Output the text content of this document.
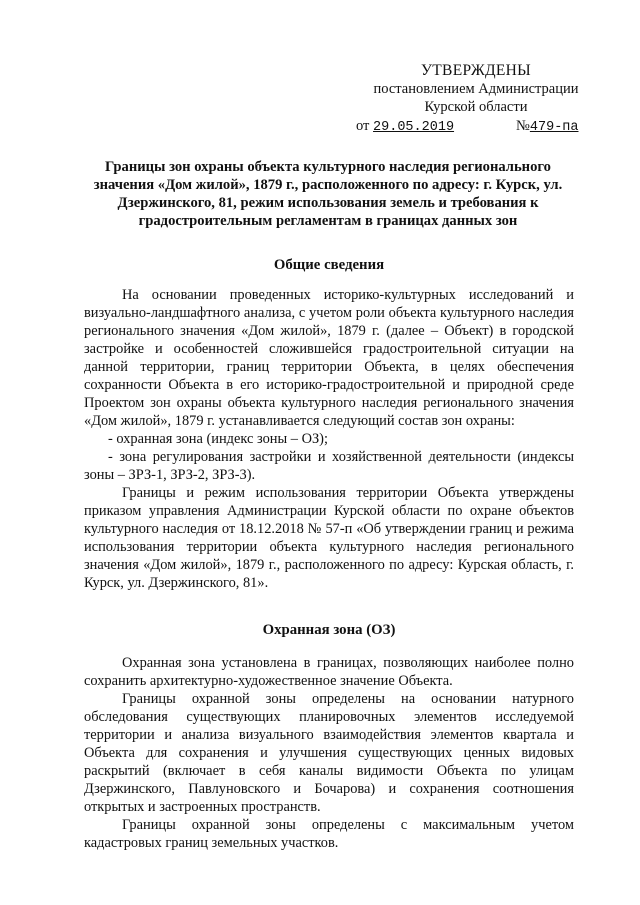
УТВЕРЖДЕНЫ
постановлением Администрации
Курской области
от 29.05.2019	№479-па
Границы зон охраны объекта культурного наследия регионального значения «Дом жилой», 1879 г., расположенного по адресу: г. Курск, ул. Дзержинского, 81, режим использования земель и требования к градостроительным регламентам в границах данных зон
Общие сведения

На основании проведенных историко-культурных исследований и визуально-ландшафтного анализа, с учетом роли объекта культурного наследия регионального значения «Дом жилой», 1879 г. (далее – Объект) в городской застройке и особенностей сложившейся градостроительной ситуации на данной территории, границ территории Объекта, в целях обеспечения сохранности Объекта в его историко-градостроительной и природной среде Проектом зон охраны объекта культурного наследия регионального значения «Дом жилой», 1879 г. устанавливается следующий состав зон охраны:

- охранная зона (индекс зоны – ОЗ);

- зона регулирования застройки и хозяйственной деятельности (индексы зоны – ЗРЗ-1, ЗРЗ-2, ЗРЗ-3).

Границы и режим использования территории Объекта утверждены приказом управления Администрации Курской области по охране объектов культурного наследия от 18.12.2018 № 57-п «Об утверждении границ и режима использования территории объекта культурного наследия регионального значения «Дом жилой», 1879 г., расположенного по адресу: Курская область, г. Курск, ул. Дзержинского, 81».

Охранная зона (ОЗ)

Охранная зона установлена в границах, позволяющих наиболее полно сохранить архитектурно-художественное значение Объекта.

Границы охранной зоны определены на основании натурного обследования существующих планировочных элементов исследуемой территории и анализа визуального взаимодействия элементов квартала и Объекта для сохранения и улучшения существующих ценных видовых раскрытий (включает в себя каналы видимости Объекта по улицам Дзержинского, Павлуновского и Бочарова) и сохранения соотношения открытых и застроенных пространств.

Границы охранной зоны определены с максимальным учетом кадастровых границ земельных участков.
